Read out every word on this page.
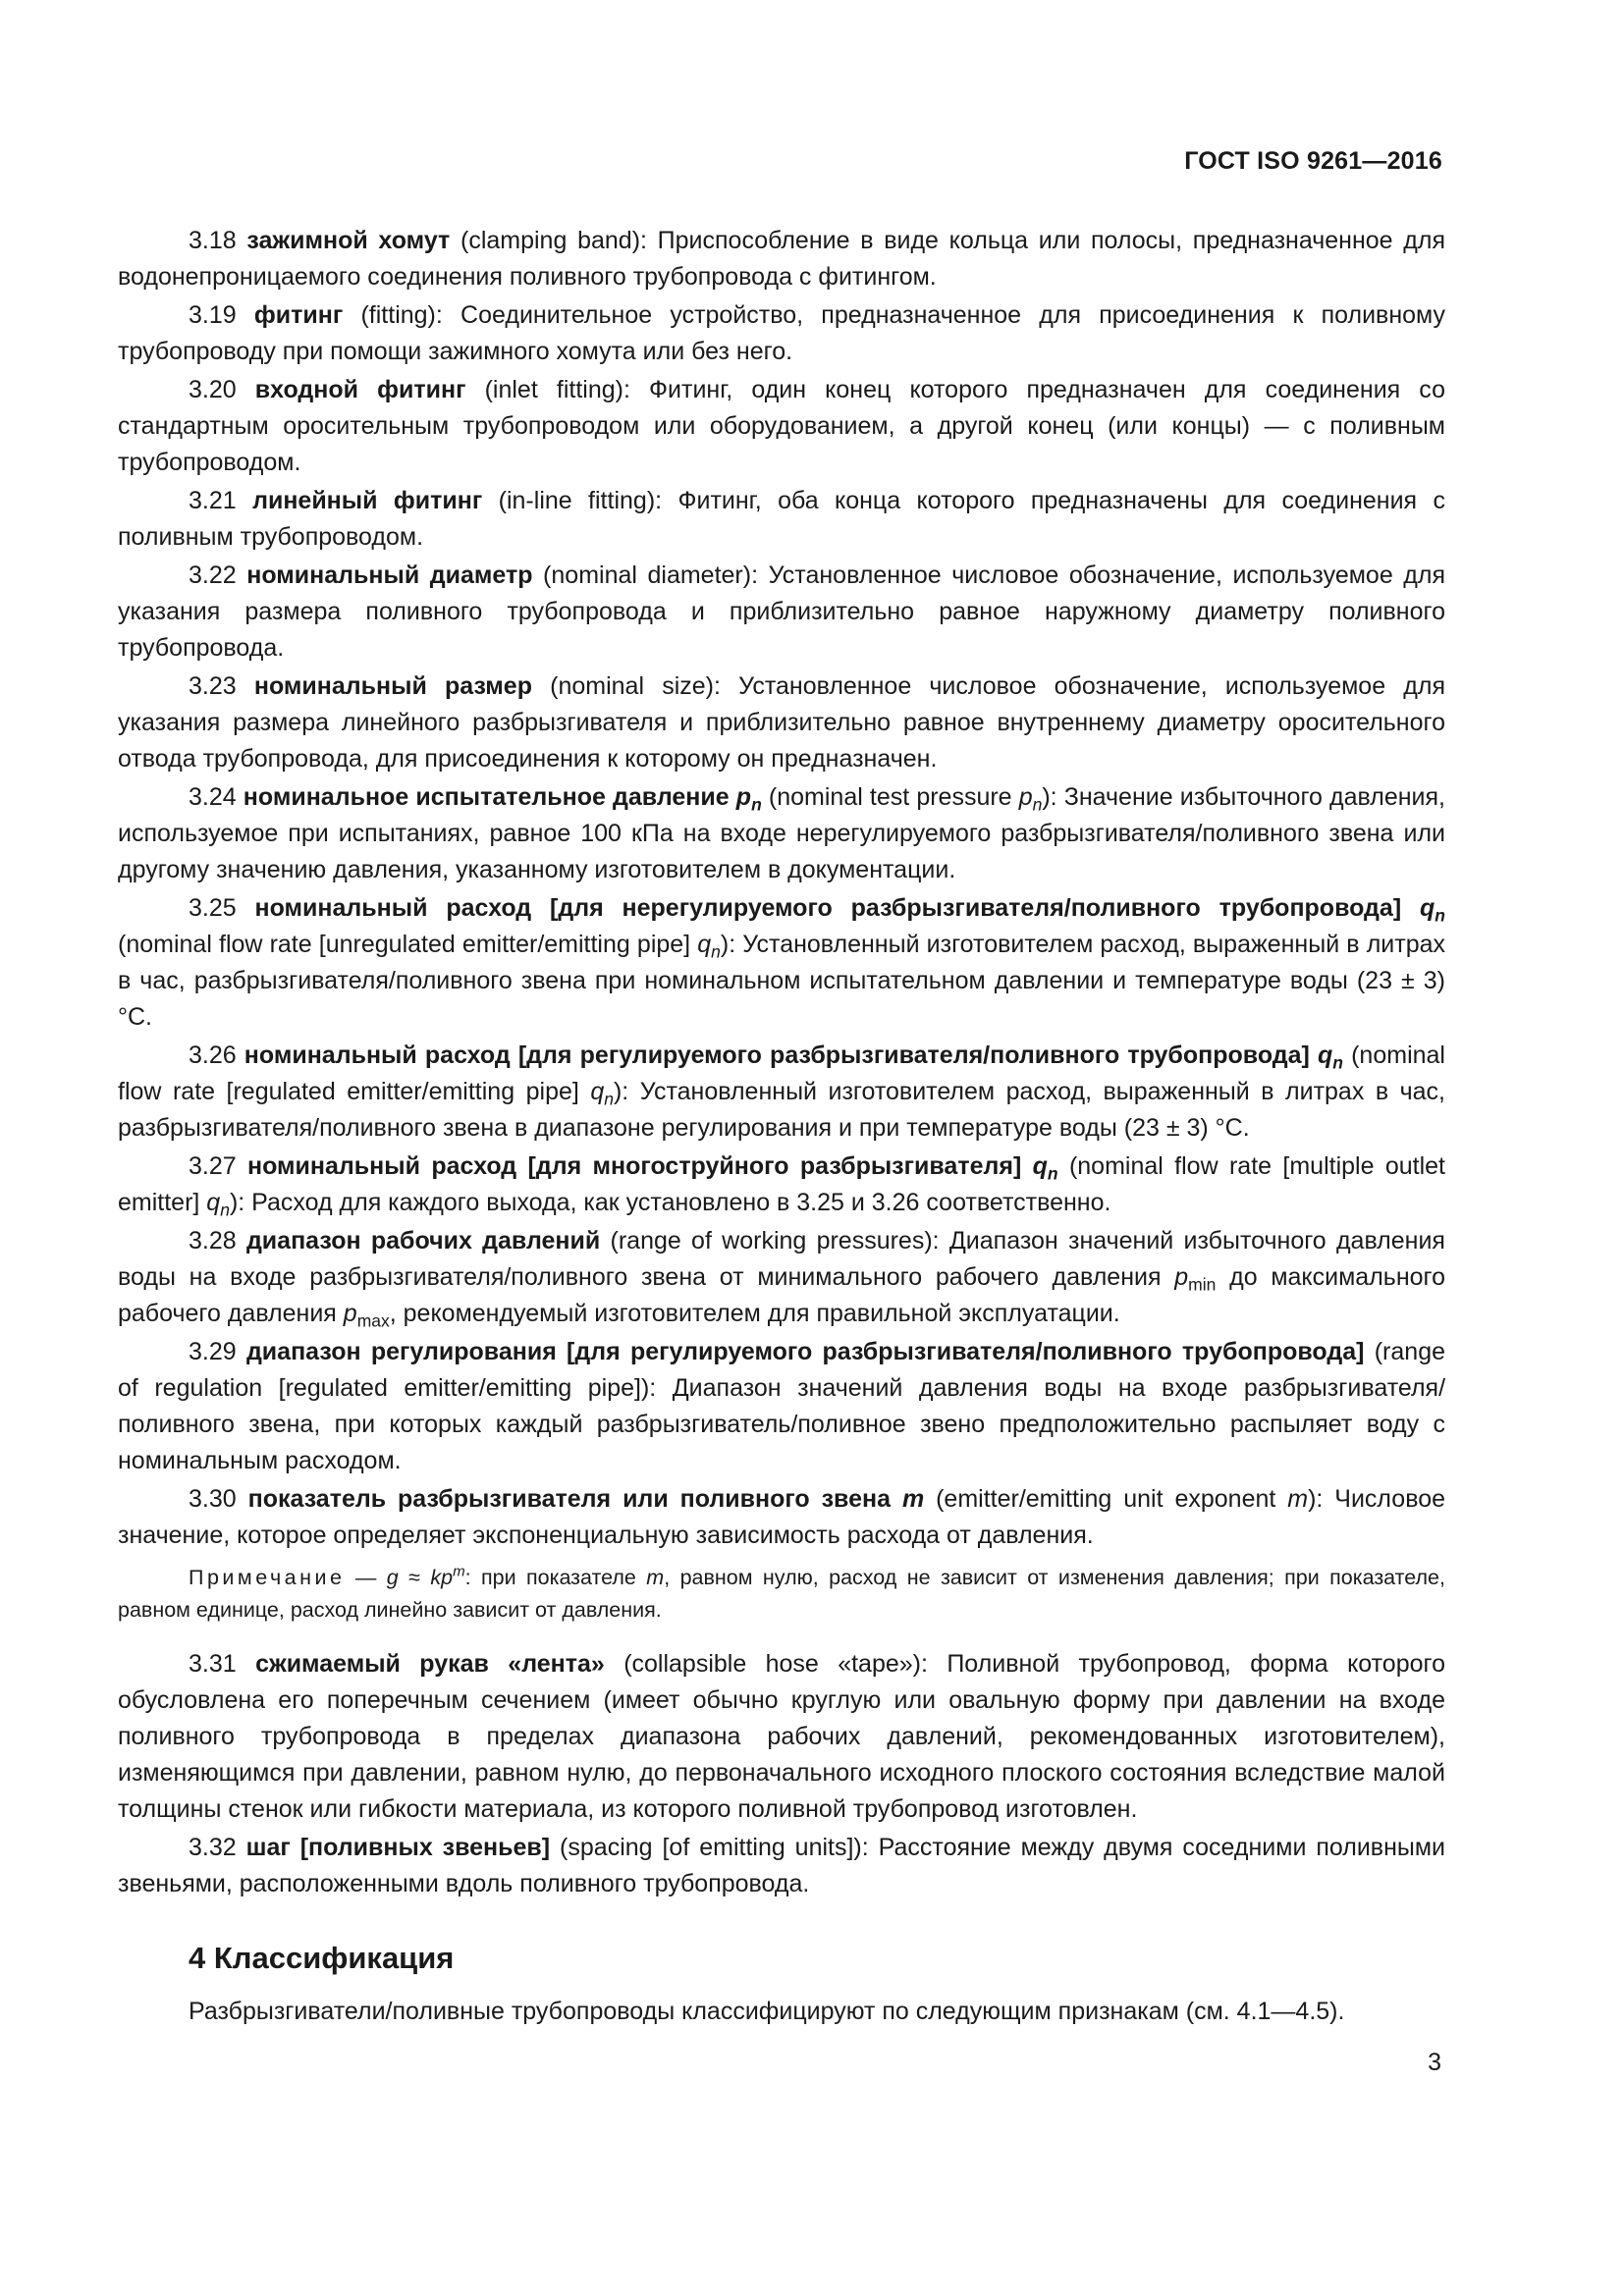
ГОСТ ISO 9261—2016

3.18 зажимной хомут (clamping band): Приспособление в виде кольца или полосы, предназначенное для водонепроницаемого соединения поливного трубопровода с фитингом.

3.19 фитинг (fitting): Соединительное устройство, предназначенное для присоединения к поливному трубопроводу при помощи зажимного хомута или без него.

3.20 входной фитинг (inlet fitting): Фитинг, один конец которого предназначен для соединения со стандартным оросительным трубопроводом или оборудованием, а другой конец (или концы) — с поливным трубопроводом.

3.21 линейный фитинг (in-line fitting): Фитинг, оба конца которого предназначены для соединения с поливным трубопроводом.

3.22 номинальный диаметр (nominal diameter): Установленное числовое обозначение, используемое для указания размера поливного трубопровода и приблизительно равное наружному диаметру поливного трубопровода.

3.23 номинальный размер (nominal size): Установленное числовое обозначение, используемое для указания размера линейного разбрызгивателя и приблизительно равное внутреннему диаметру оросительного отвода трубопровода, для присоединения к которому он предназначен.

3.24 номинальное испытательное давление $p_n$ (nominal test pressure $p_n$): Значение избыточного давления, используемое при испытаниях, равное 100 кПа на входе нерегулируемого разбрызгивателя/поливного звена или другому значению давления, указанному изготовителем в документации.

3.25 номинальный расход [для нерегулируемого разбрызгивателя/поливного трубопровода] $q_n$ (nominal flow rate [unregulated emitter/emitting pipe] $q_n$): Установленный изготовителем расход, выраженный в литрах в час, разбрызгивателя/поливного звена при номинальном испытательном давлении и температуре воды (23 ± 3) °С.

3.26 номинальный расход [для регулируемого разбрызгивателя/поливного трубопровода] $q_n$ (nominal flow rate [regulated emitter/emitting pipe] $q_n$): Установленный изготовителем расход, выраженный в литрах в час, разбрызгивателя/поливного звена в диапазоне регулирования и при температуре воды (23 ± 3) °С.

3.27 номинальный расход [для многоструйного разбрызгивателя] $q_n$ (nominal flow rate [multiple outlet emitter] $q_n$): Расход для каждого выхода, как установлено в 3.25 и 3.26 соответственно.

3.28 диапазон рабочих давлений (range of working pressures): Диапазон значений избыточного давления воды на входе разбрызгивателя/поливного звена от минимального рабочего давления $p_{min}$ до максимального рабочего давления $p_{max}$, рекомендуемый изготовителем для правильной эксплуатации.

3.29 диапазон регулирования [для регулируемого разбрызгивателя/поливного трубопровода] (range of regulation [regulated emitter/emitting pipe]): Диапазон значений давления воды на входе разбрызгивателя/поливного звена, при которых каждый разбрызгиватель/поливное звено предположительно распыляет воду с номинальным расходом.

3.30 показатель разбрызгивателя или поливного звена m (emitter/emitting unit exponent m): Числовое значение, которое определяет экспоненциальную зависимость расхода от давления.

Примечание — $g \approx kp^m$: при показателе m, равном нулю, расход не зависит от изменения давления; при показателе, равном единице, расход линейно зависит от давления.

3.31 сжимаемый рукав «лента» (collapsible hose «tape»): Поливной трубопровод, форма которого обусловлена его поперечным сечением (имеет обычно круглую или овальную форму при давлении на входе поливного трубопровода в пределах диапазона рабочих давлений, рекомендованных изготовителем), изменяющимся при давлении, равном нулю, до первоначального исходного плоского состояния вследствие малой толщины стенок или гибкости материала, из которого поливной трубопровод изготовлен.

3.32 шаг [поливных звеньев] (spacing [of emitting units]): Расстояние между двумя соседними поливными звеньями, расположенными вдоль поливного трубопровода.

4 Классификация

Разбрызгиватели/поливные трубопроводы классифицируют по следующим признакам (см. 4.1—4.5).

3
